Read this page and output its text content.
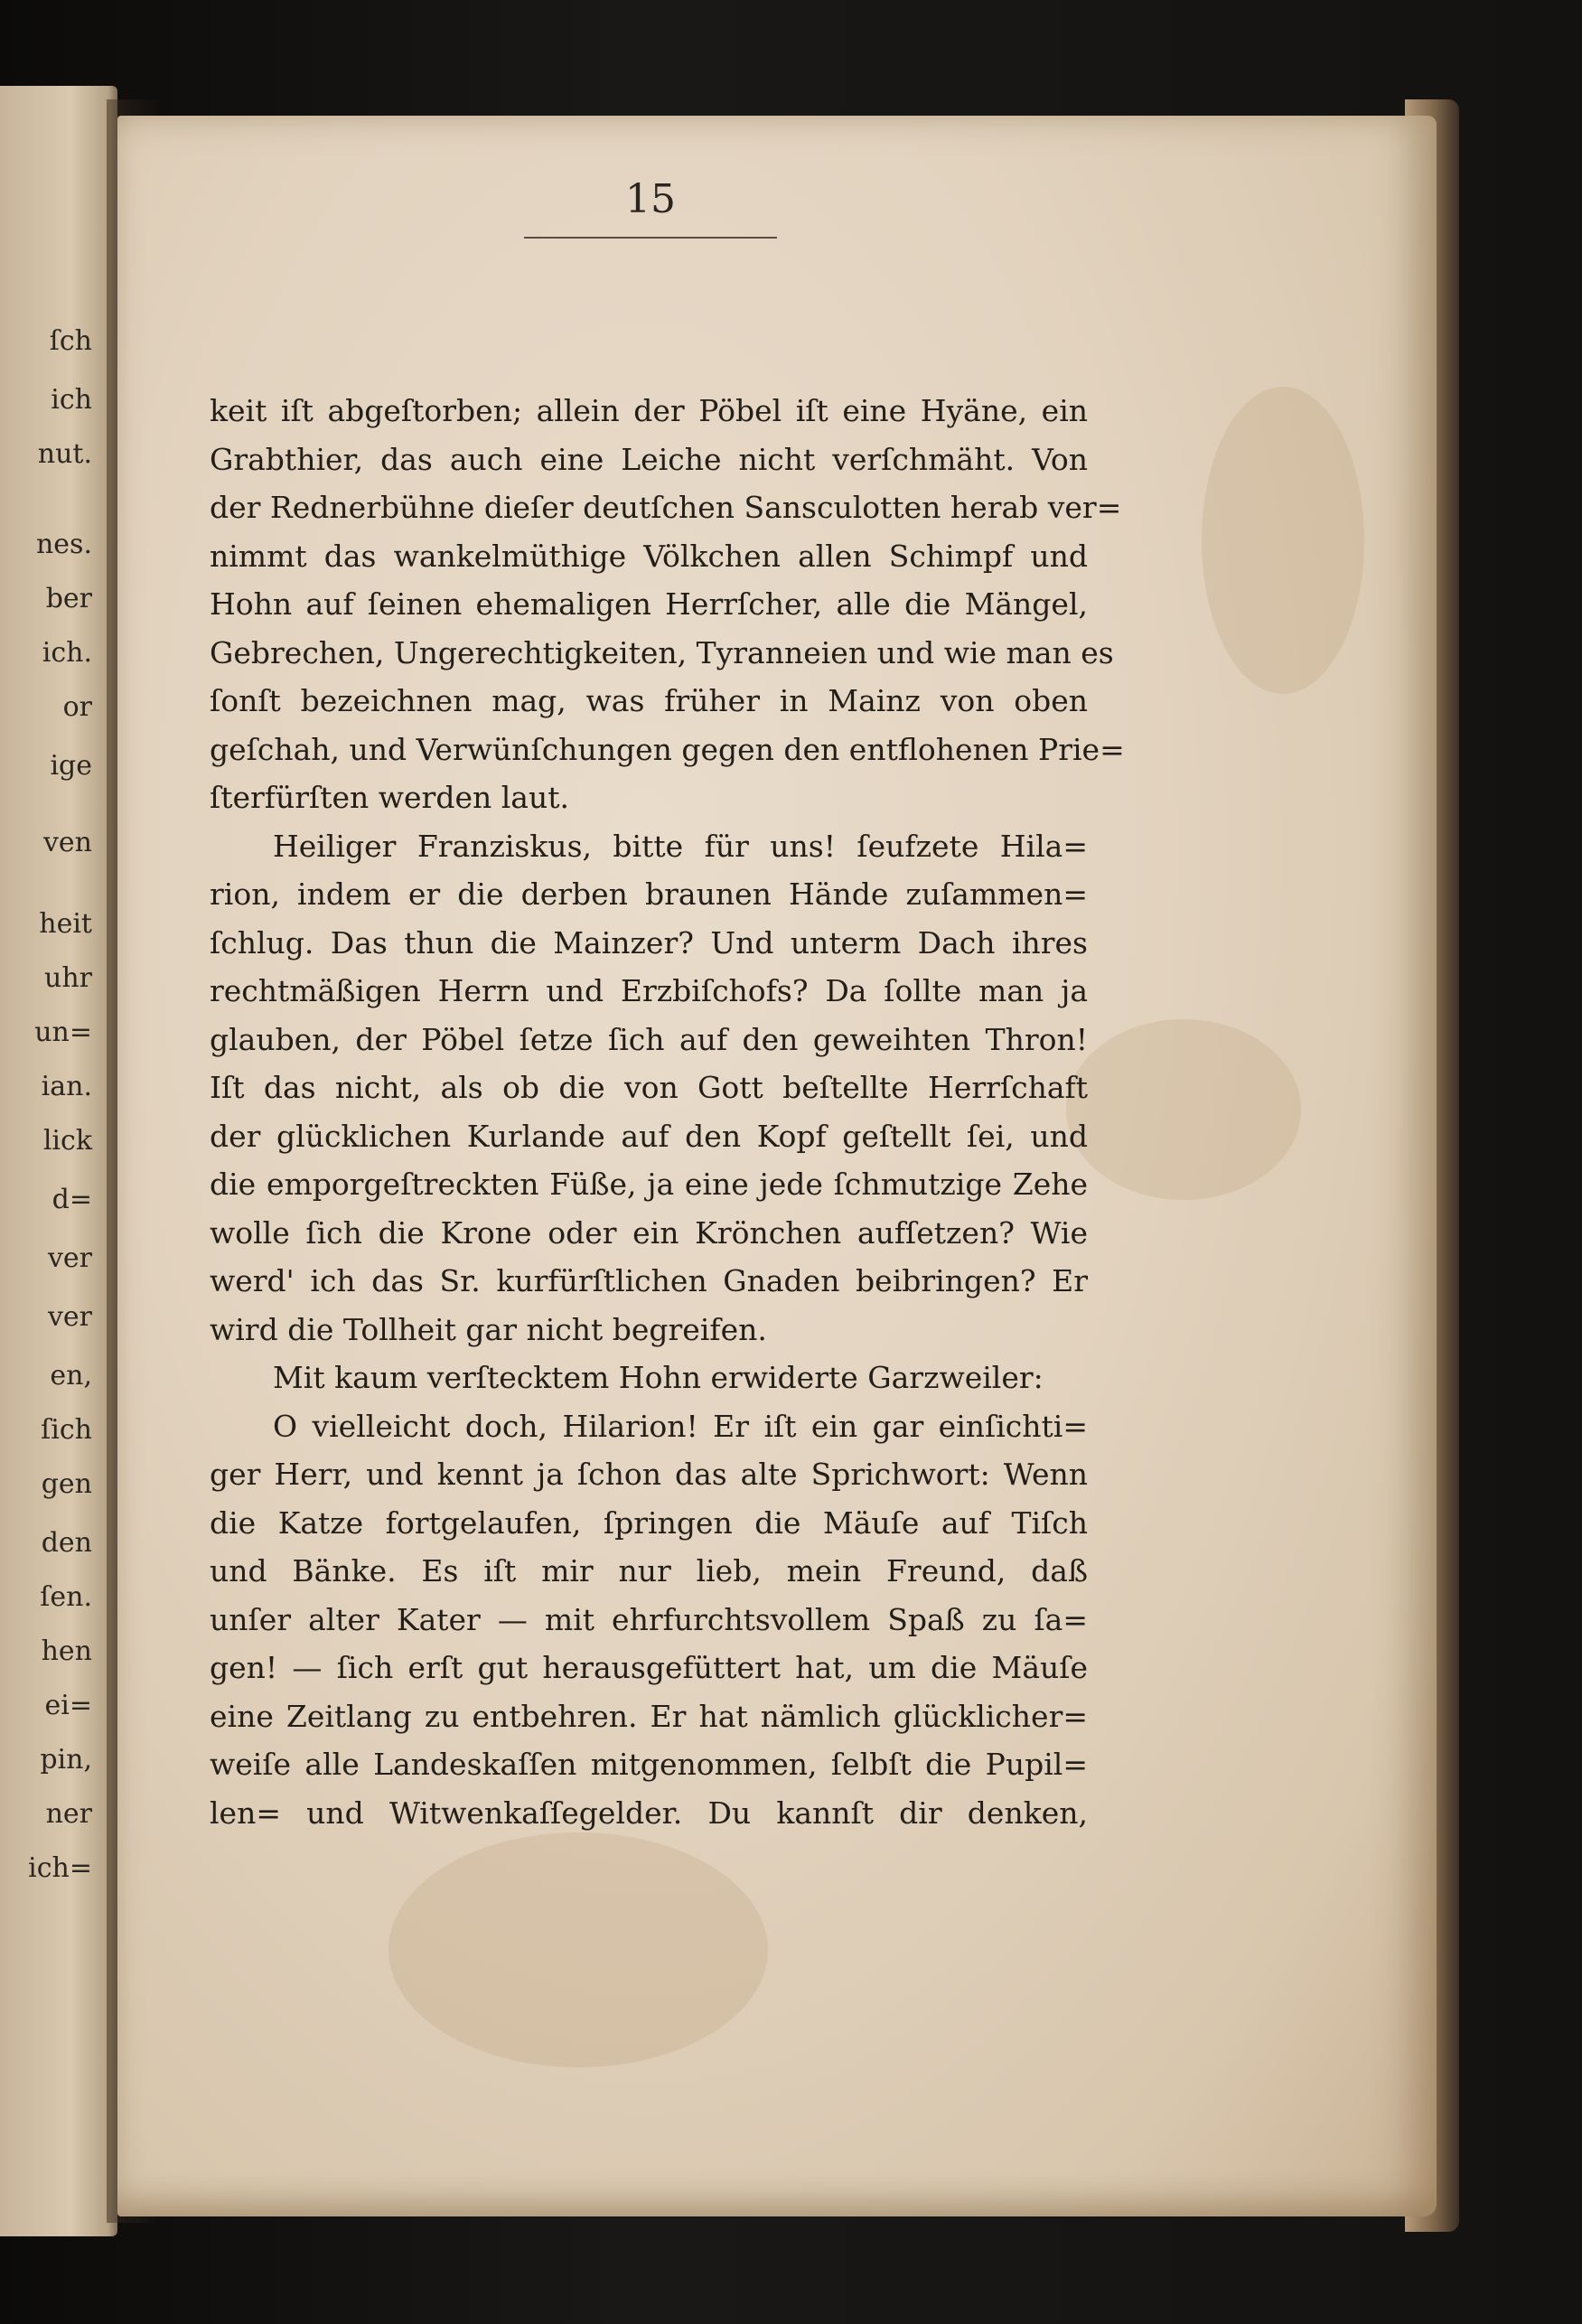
ſch
ich
nut.
nes.
ber
ich.
or
ige
ven
heit
uhr
un=
ian.
lick
d=
ver
ver
en,
ſich
gen
den
ſen.
hen
ei=
pin,
ner
ich=
15
keit iſt abgeſtorben; allein der Pöbel iſt eine Hyäne, ein
Grabthier, das auch eine Leiche nicht verſchmäht. Von
der Rednerbühne dieſer deutſchen Sansculotten herab ver=
nimmt das wankelmüthige Völkchen allen Schimpf und
Hohn auf ſeinen ehemaligen Herrſcher, alle die Mängel,
Gebrechen, Ungerechtigkeiten, Tyranneien und wie man es
ſonſt bezeichnen mag, was früher in Mainz von oben
geſchah, und Verwünſchungen gegen den entflohenen Prie=
ſterfürſten werden laut.
Heiliger Franziskus, bitte für uns! ſeufzete Hila=
rion, indem er die derben braunen Hände zuſammen=
ſchlug. Das thun die Mainzer? Und unterm Dach ihres
rechtmäßigen Herrn und Erzbiſchofs? Da ſollte man ja
glauben, der Pöbel ſetze ſich auf den geweihten Thron!
Iſt das nicht, als ob die von Gott beſtellte Herrſchaft
der glücklichen Kurlande auf den Kopf geſtellt ſei, und
die emporgeſtreckten Füße, ja eine jede ſchmutzige Zehe
wolle ſich die Krone oder ein Krönchen aufſetzen? Wie
werd' ich das Sr. kurfürſtlichen Gnaden beibringen? Er
wird die Tollheit gar nicht begreifen.
Mit kaum verſtecktem Hohn erwiderte Garzweiler:
O vielleicht doch, Hilarion! Er iſt ein gar einſichti=
ger Herr, und kennt ja ſchon das alte Sprichwort: Wenn
die Katze fortgelaufen, ſpringen die Mäuſe auf Tiſch
und Bänke. Es iſt mir nur lieb, mein Freund, daß
unſer alter Kater — mit ehrfurchtsvollem Spaß zu ſa=
gen! — ſich erſt gut herausgefüttert hat, um die Mäuſe
eine Zeitlang zu entbehren. Er hat nämlich glücklicher=
weiſe alle Landeskaſſen mitgenommen, ſelbſt die Pupil=
len= und Witwenkaſſegelder. Du kannſt dir denken,
